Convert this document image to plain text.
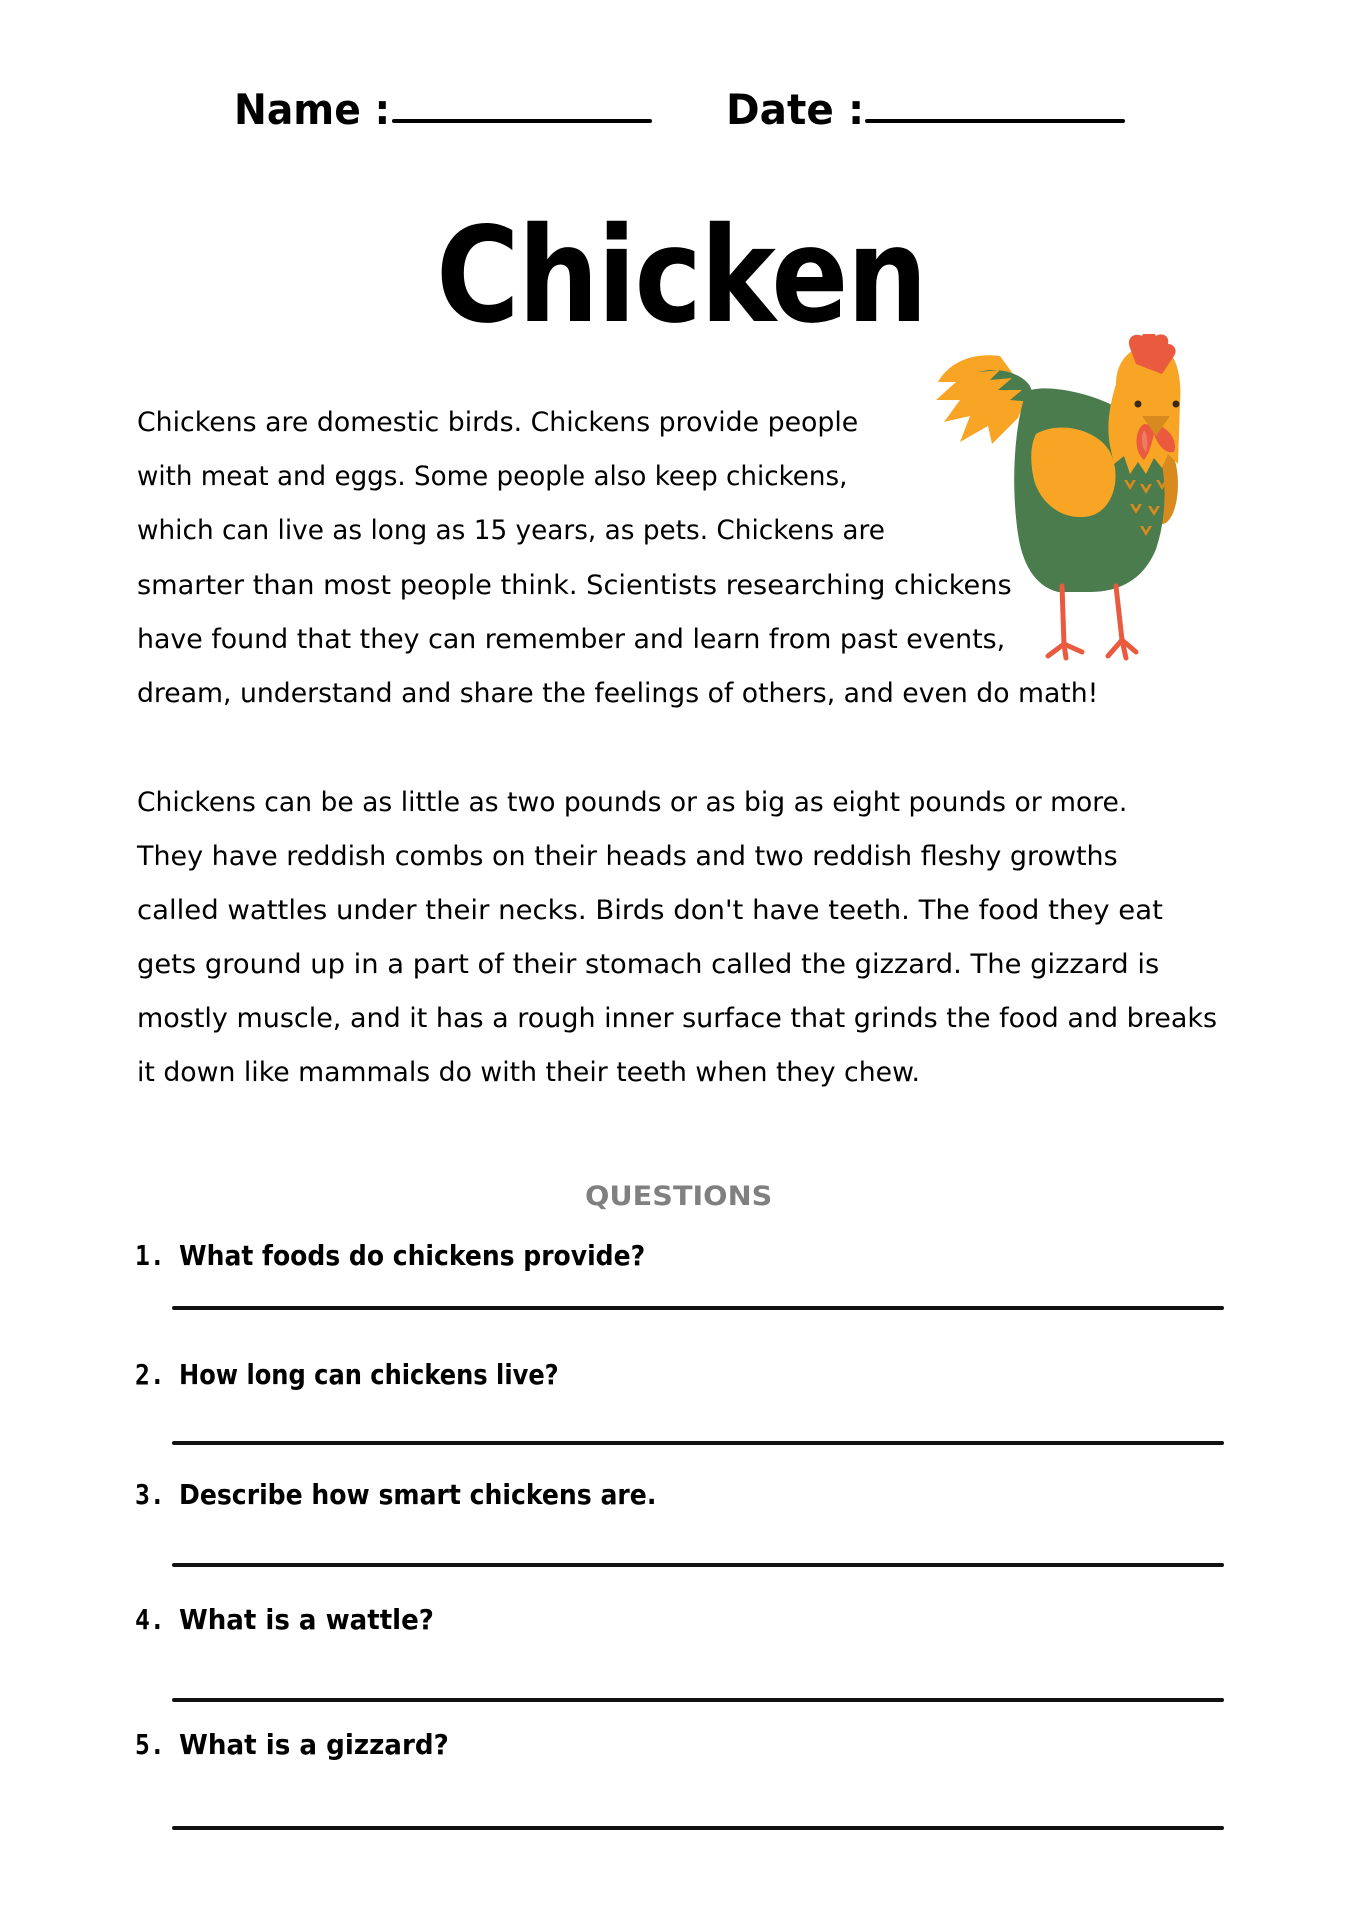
Name :	Date :
Chicken
Chickens are domestic birds. Chickens provide people
with meat and eggs. Some people also keep chickens,
which can live as long as 15 years, as pets. Chickens are
smarter than most people think. Scientists researching chickens
have found that they can remember and learn from past events,
dream, understand and share the feelings of others, and even do math!
Chickens can be as little as two pounds or as big as eight pounds or more.
They have reddish combs on their heads and two reddish fleshy growths
called wattles under their necks. Birds don't have teeth. The food they eat
gets ground up in a part of their stomach called the gizzard. The gizzard is
mostly muscle, and it has a rough inner surface that grinds the food and breaks
it down like mammals do with their teeth when they chew.
QUESTIONS
1. What foods do chickens provide?
2. How long can chickens live?
3. Describe how smart chickens are.
4. What is a wattle?
5. What is a gizzard?
